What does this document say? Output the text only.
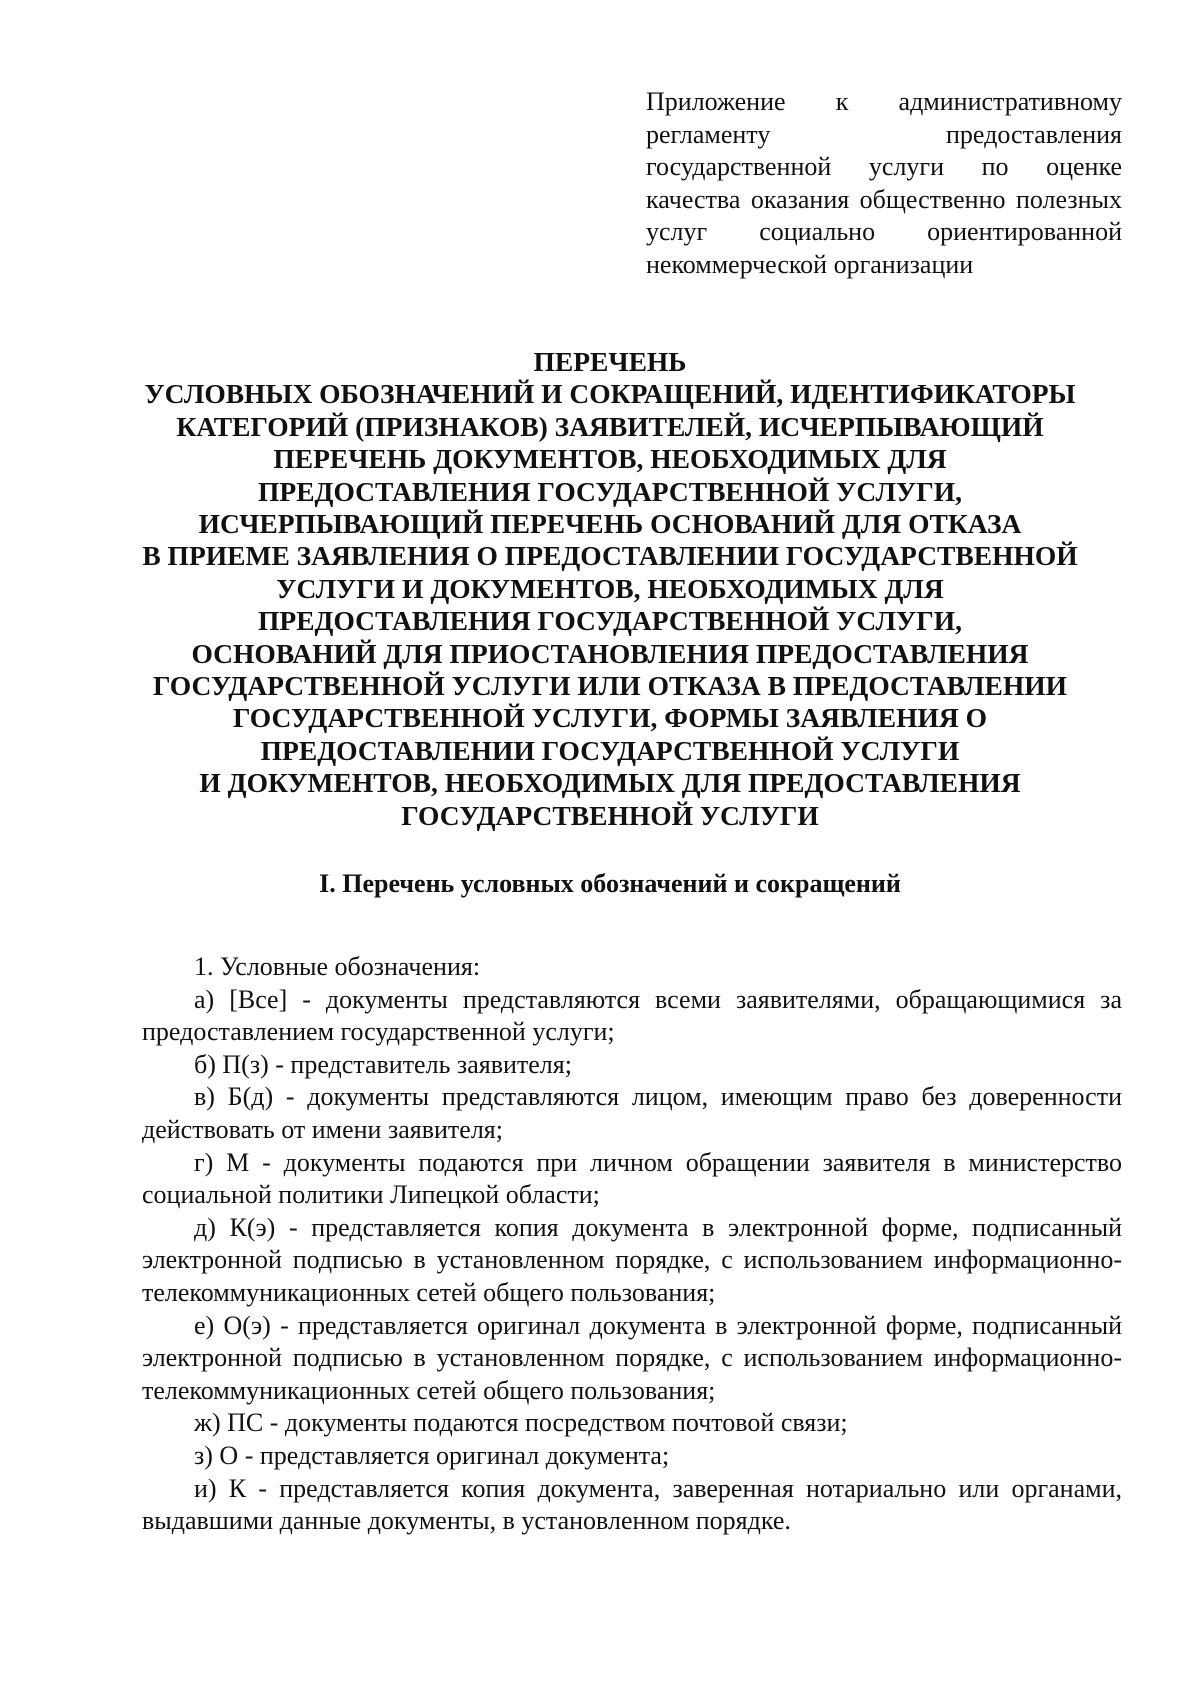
Приложение к административному регламенту предоставления государственной услуги по оценке качества оказания общественно полезных услуг социально ориентированной некоммерческой организации
ПЕРЕЧЕНЬ
УСЛОВНЫХ ОБОЗНАЧЕНИЙ И СОКРАЩЕНИЙ, ИДЕНТИФИКАТОРЫ
КАТЕГОРИЙ (ПРИЗНАКОВ) ЗАЯВИТЕЛЕЙ, ИСЧЕРПЫВАЮЩИЙ
ПЕРЕЧЕНЬ ДОКУМЕНТОВ, НЕОБХОДИМЫХ ДЛЯ
ПРЕДОСТАВЛЕНИЯ ГОСУДАРСТВЕННОЙ УСЛУГИ,
ИСЧЕРПЫВАЮЩИЙ ПЕРЕЧЕНЬ ОСНОВАНИЙ ДЛЯ ОТКАЗА
В ПРИЕМЕ ЗАЯВЛЕНИЯ О ПРЕДОСТАВЛЕНИИ ГОСУДАРСТВЕННОЙ
УСЛУГИ И ДОКУМЕНТОВ, НЕОБХОДИМЫХ ДЛЯ
ПРЕДОСТАВЛЕНИЯ ГОСУДАРСТВЕННОЙ УСЛУГИ,
ОСНОВАНИЙ ДЛЯ ПРИОСТАНОВЛЕНИЯ ПРЕДОСТАВЛЕНИЯ
ГОСУДАРСТВЕННОЙ УСЛУГИ ИЛИ ОТКАЗА В ПРЕДОСТАВЛЕНИИ
ГОСУДАРСТВЕННОЙ УСЛУГИ, ФОРМЫ ЗАЯВЛЕНИЯ О
ПРЕДОСТАВЛЕНИИ ГОСУДАРСТВЕННОЙ УСЛУГИ
И ДОКУМЕНТОВ, НЕОБХОДИМЫХ ДЛЯ ПРЕДОСТАВЛЕНИЯ
ГОСУДАРСТВЕННОЙ УСЛУГИ
I. Перечень условных обозначений и сокращений

1. Условные обозначения:

а) [Все] - документы представляются всеми заявителями, обращающимися за предоставлением государственной услуги;

б) П(з) - представитель заявителя;

в) Б(д) - документы представляются лицом, имеющим право без доверенности действовать от имени заявителя;

г) М - документы подаются при личном обращении заявителя в министерство социальной политики Липецкой области;

д) К(э) - представляется копия документа в электронной форме, подписанный электронной подписью в установленном порядке, с использованием информационно-телекоммуникационных сетей общего пользования;

е) О(э) - представляется оригинал документа в электронной форме, подписанный электронной подписью в установленном порядке, с использованием информационно-телекоммуникационных сетей общего пользования;

ж) ПС - документы подаются посредством почтовой связи;

з) О - представляется оригинал документа;

и) К - представляется копия документа, заверенная нотариально или органами, выдавшими данные документы, в установленном порядке.
